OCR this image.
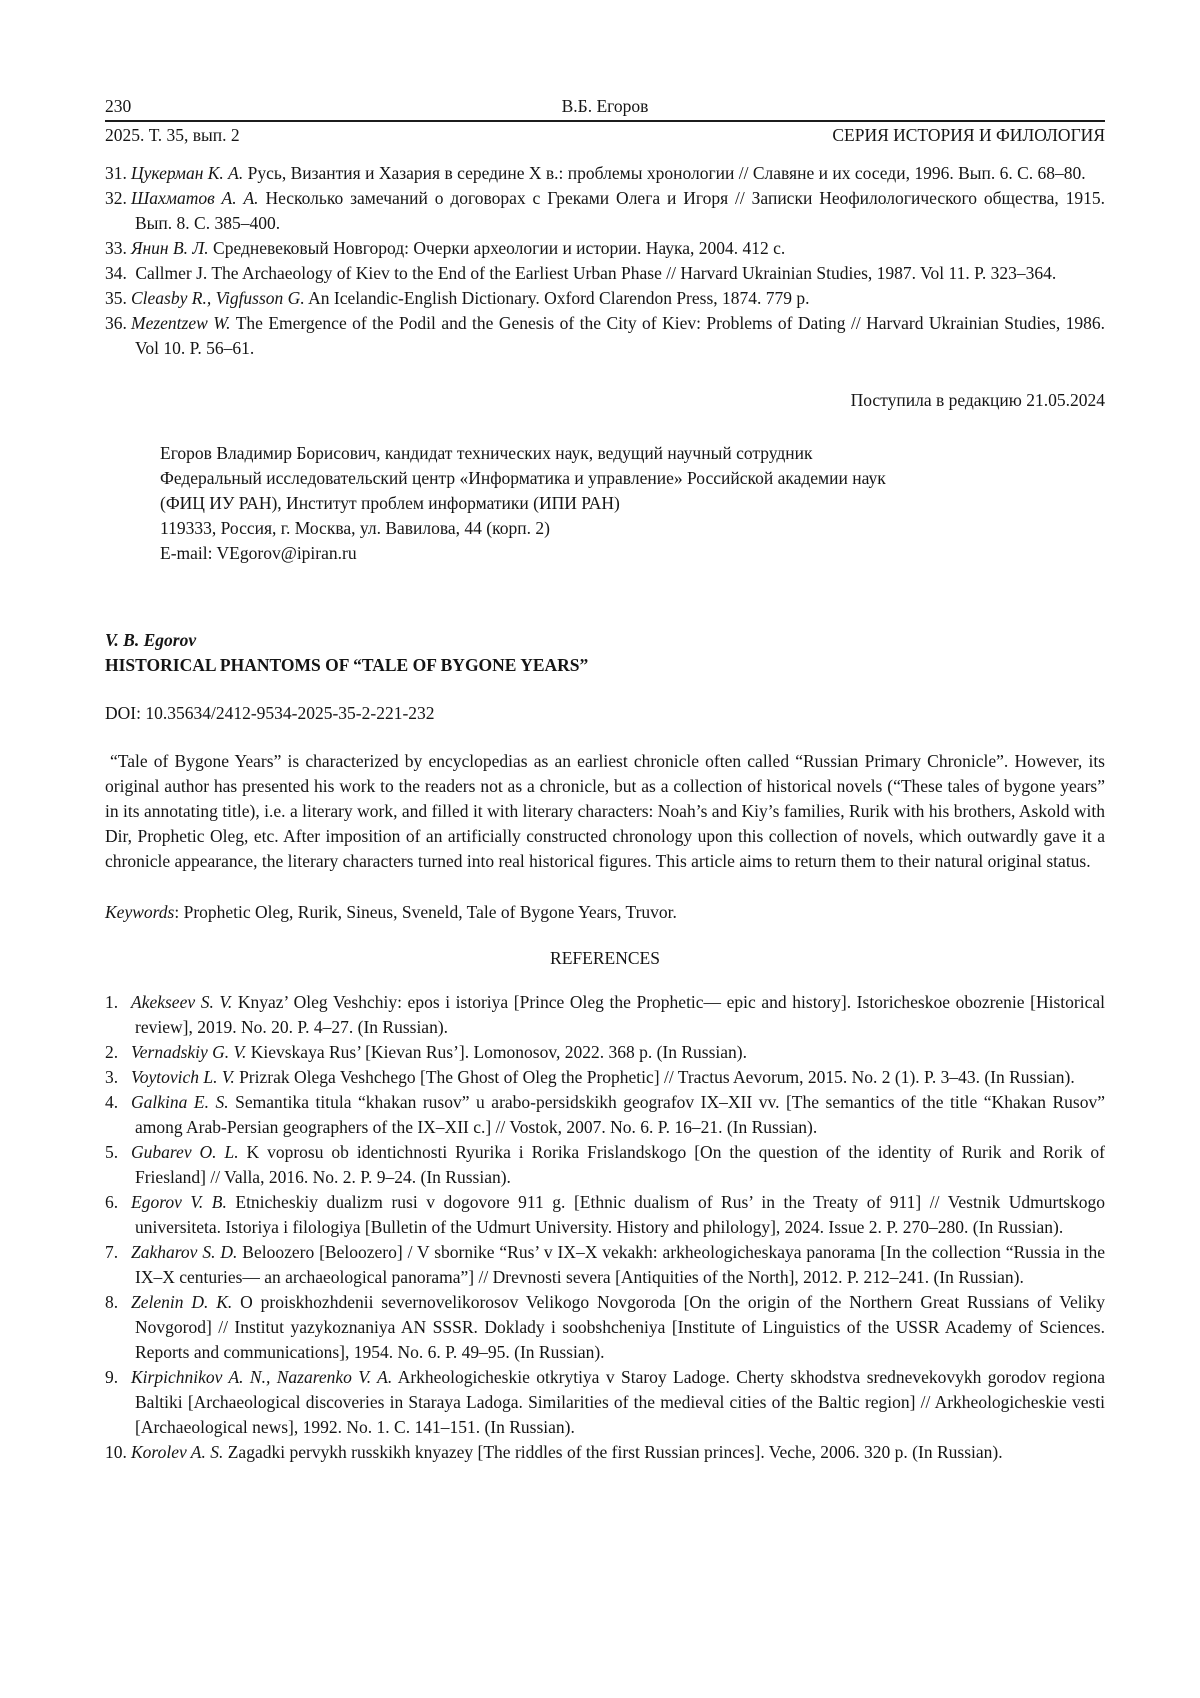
230	В.Б. Егоров
2025. Т. 35, вып. 2	СЕРИЯ ИСТОРИЯ И ФИЛОЛОГИЯ

31. Цукерман К. А. Русь, Византия и Хазария в середине X в.: проблемы хронологии // Славяне и их соседи, 1996. Вып. 6. С. 68–80.

32. Шахматов А. А. Несколько замечаний о договорах с Греками Олега и Игоря // Записки Неофилологического общества, 1915. Вып. 8. С. 385–400.

33. Янин В. Л. Средневековый Новгород: Очерки археологии и истории. Наука, 2004. 412 с.

34. Callmer J. The Archaeology of Kiev to the End of the Earliest Urban Phase // Harvard Ukrainian Studies, 1987. Vol 11. P. 323–364.

35. Cleasby R., Vigfusson G. An Icelandic-English Dictionary. Oxford Clarendon Press, 1874. 779 p.

36. Mezentzew W. The Emergence of the Podil and the Genesis of the City of Kiev: Problems of Dating // Harvard Ukrainian Studies, 1986. Vol 10. P. 56–61.

Поступила в редакцию 21.05.2024

Егоров Владимир Борисович, кандидат технических наук, ведущий научный сотрудник

Федеральный исследовательский центр «Информатика и управление» Российской академии наук

(ФИЦ ИУ РАН), Институт проблем информатики (ИПИ РАН)

119333, Россия, г. Москва, ул. Вавилова, 44 (корп. 2)

E-mail: VEgorov@ipiran.ru

V. B. Egorov

HISTORICAL PHANTOMS OF “TALE OF BYGONE YEARS”

DOI: 10.35634/2412-9534-2025-35-2-221-232

“Tale of Bygone Years” is characterized by encyclopedias as an earliest chronicle often called “Russian Primary Chronicle”. However, its original author has presented his work to the readers not as a chronicle, but as a collection of historical novels (“These tales of bygone years” in its annotating title), i.e. a literary work, and filled it with literary characters: Noah’s and Kiy’s families, Rurik with his brothers, Askold with Dir, Prophetic Oleg, etc. After imposition of an artificially constructed chronology upon this collection of novels, which outwardly gave it a chronicle appearance, the literary characters turned into real historical figures. This article aims to return them to their natural original status.

Keywords: Prophetic Oleg, Rurik, Sineus, Sveneld, Tale of Bygone Years, Truvor.

REFERENCES

1. Akekseev S. V. Knyaz’ Oleg Veshchiy: epos i istoriya [Prince Oleg the Prophetic— epic and history]. Istoricheskoe obozrenie [Historical review], 2019. No. 20. P. 4–27. (In Russian).

2. Vernadskiy G. V. Kievskaya Rus’ [Kievan Rus’]. Lomonosov, 2022. 368 p. (In Russian).

3. Voytovich L. V. Prizrak Olega Veshchego [The Ghost of Oleg the Prophetic] // Tractus Aevorum, 2015. No. 2 (1). P. 3–43. (In Russian).

4. Galkina E. S. Semantika titula “khakan rusov” u arabo-persidskikh geografov IX–XII vv. [The semantics of the title “Khakan Rusov” among Arab-Persian geographers of the IX–XII c.] // Vostok, 2007. No. 6. P. 16–21. (In Russian).

5. Gubarev O. L. K voprosu ob identichnosti Ryurika i Rorika Frislandskogo [On the question of the identity of Rurik and Rorik of Friesland] // Valla, 2016. No. 2. P. 9–24. (In Russian).

6. Egorov V. B. Etnicheskiy dualizm rusi v dogovore 911 g. [Ethnic dualism of Rus’ in the Treaty of 911] // Vestnik Udmurtskogo universiteta. Istoriya i filologiya [Bulletin of the Udmurt University. History and philology], 2024. Issue 2. P. 270–280. (In Russian).

7. Zakharov S. D. Beloozero [Beloozero] / V sbornike “Rus’ v IX–X vekakh: arkheologicheskaya panorama [In the collection “Russia in the IX–X centuries— an archaeological panorama”] // Drevnosti severa [Antiquities of the North], 2012. P. 212–241. (In Russian).

8. Zelenin D. K. O proiskhozhdenii severnovelikorosov Velikogo Novgoroda [On the origin of the Northern Great Russians of Veliky Novgorod] // Institut yazykoznaniya AN SSSR. Doklady i soobshcheniya [Institute of Linguistics of the USSR Academy of Sciences. Reports and communications], 1954. No. 6. P. 49–95. (In Russian).

9. Kirpichnikov A. N., Nazarenko V. A. Arkheologicheskie otkrytiya v Staroy Ladoge. Cherty skhodstva srednevekovykh gorodov regiona Baltiki [Archaeological discoveries in Staraya Ladoga. Similarities of the medieval cities of the Baltic region] // Arkheologicheskie vesti [Archaeological news], 1992. No. 1. C. 141–151. (In Russian).

10. Korolev A. S. Zagadki pervykh russkikh knyazey [The riddles of the first Russian princes]. Veche, 2006. 320 p. (In Russian).
